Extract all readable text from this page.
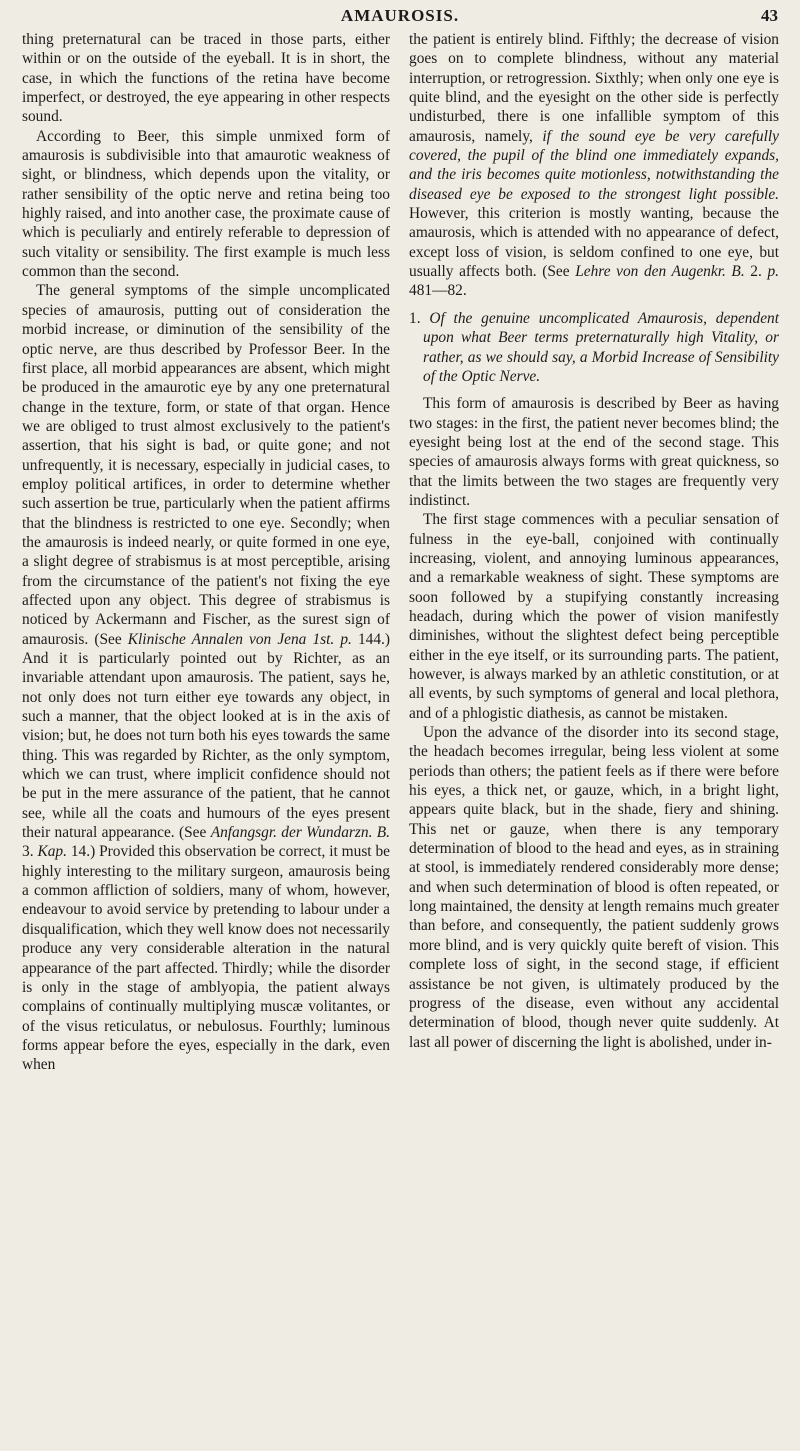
AMAUROSIS.	43

thing preternatural can be traced in those parts, either within or on the outside of the eyeball. It is in short, the case, in which the functions of the retina have become imperfect, or destroyed, the eye appearing in other respects sound.

According to Beer, this simple unmixed form of amaurosis is subdivisible into that amaurotic weakness of sight, or blindness, which depends upon the vitality, or rather sensibility of the optic nerve and retina being too highly raised, and into another case, the proximate cause of which is peculiarly and entirely referable to depression of such vitality or sensibility. The first example is much less common than the second.

The general symptoms of the simple uncomplicated species of amaurosis, putting out of consideration the morbid increase, or diminution of the sensibility of the optic nerve, are thus described by Professor Beer. In the first place, all morbid appearances are absent, which might be produced in the amaurotic eye by any one preternatural change in the texture, form, or state of that organ. Hence we are obliged to trust almost exclusively to the patient's assertion, that his sight is bad, or quite gone; and not unfrequently, it is necessary, especially in judicial cases, to employ political artifices, in order to determine whether such assertion be true, particularly when the patient affirms that the blindness is restricted to one eye. Secondly; when the amaurosis is indeed nearly, or quite formed in one eye, a slight degree of strabismus is at most perceptible, arising from the circumstance of the patient's not fixing the eye affected upon any object. This degree of strabismus is noticed by Ackermann and Fischer, as the surest sign of amaurosis. (See Klinische Annalen von Jena 1st. p. 144.) And it is particularly pointed out by Richter, as an invariable attendant upon amaurosis. The patient, says he, not only does not turn either eye towards any object, in such a manner, that the object looked at is in the axis of vision; but, he does not turn both his eyes towards the same thing. This was regarded by Richter, as the only symptom, which we can trust, where implicit confidence should not be put in the mere assurance of the patient, that he cannot see, while all the coats and humours of the eyes present their natural appearance. (See Anfangsgr. der Wundarzn. B. 3. Kap. 14.) Provided this observation be correct, it must be highly interesting to the military surgeon, amaurosis being a common affliction of soldiers, many of whom, however, endeavour to avoid service by pretending to labour under a disqualification, which they well know does not necessarily produce any very considerable alteration in the natural appearance of the part affected. Thirdly; while the disorder is only in the stage of amblyopia, the patient always complains of continually multiplying muscæ volitantes, or of the visus reticulatus, or nebulosus. Fourthly; luminous forms appear before the eyes, especially in the dark, even when

the patient is entirely blind. Fifthly; the decrease of vision goes on to complete blindness, without any material interruption, or retrogression. Sixthly; when only one eye is quite blind, and the eyesight on the other side is perfectly undisturbed, there is one infallible symptom of this amaurosis, namely, if the sound eye be very carefully covered, the pupil of the blind one immediately expands, and the iris becomes quite motionless, notwithstanding the diseased eye be exposed to the strongest light possible. However, this criterion is mostly wanting, because the amaurosis, which is attended with no appearance of defect, except loss of vision, is seldom confined to one eye, but usually affects both. (See Lehre von den Augenkr. B. 2. p. 481—82.

1. Of the genuine uncomplicated Amaurosis, dependent upon what Beer terms preternaturally high Vitality, or rather, as we should say, a Morbid Increase of Sensibility of the Optic Nerve.

This form of amaurosis is described by Beer as having two stages: in the first, the patient never becomes blind; the eyesight being lost at the end of the second stage. This species of amaurosis always forms with great quickness, so that the limits between the two stages are frequently very indistinct.

The first stage commences with a peculiar sensation of fulness in the eye-ball, conjoined with continually increasing, violent, and annoying luminous appearances, and a remarkable weakness of sight. These symptoms are soon followed by a stupifying constantly increasing headach, during which the power of vision manifestly diminishes, without the slightest defect being perceptible either in the eye itself, or its surrounding parts. The patient, however, is always marked by an athletic constitution, or at all events, by such symptoms of general and local plethora, and of a phlogistic diathesis, as cannot be mistaken.

Upon the advance of the disorder into its second stage, the headach becomes irregular, being less violent at some periods than others; the patient feels as if there were before his eyes, a thick net, or gauze, which, in a bright light, appears quite black, but in the shade, fiery and shining. This net or gauze, when there is any temporary determination of blood to the head and eyes, as in straining at stool, is immediately rendered considerably more dense; and when such determination of blood is often repeated, or long maintained, the density at length remains much greater than before, and consequently, the patient suddenly grows more blind, and is very quickly quite bereft of vision. This complete loss of sight, in the second stage, if efficient assistance be not given, is ultimately produced by the progress of the disease, even without any accidental determination of blood, though never quite suddenly. At last all power of discerning the light is abolished, under in-
